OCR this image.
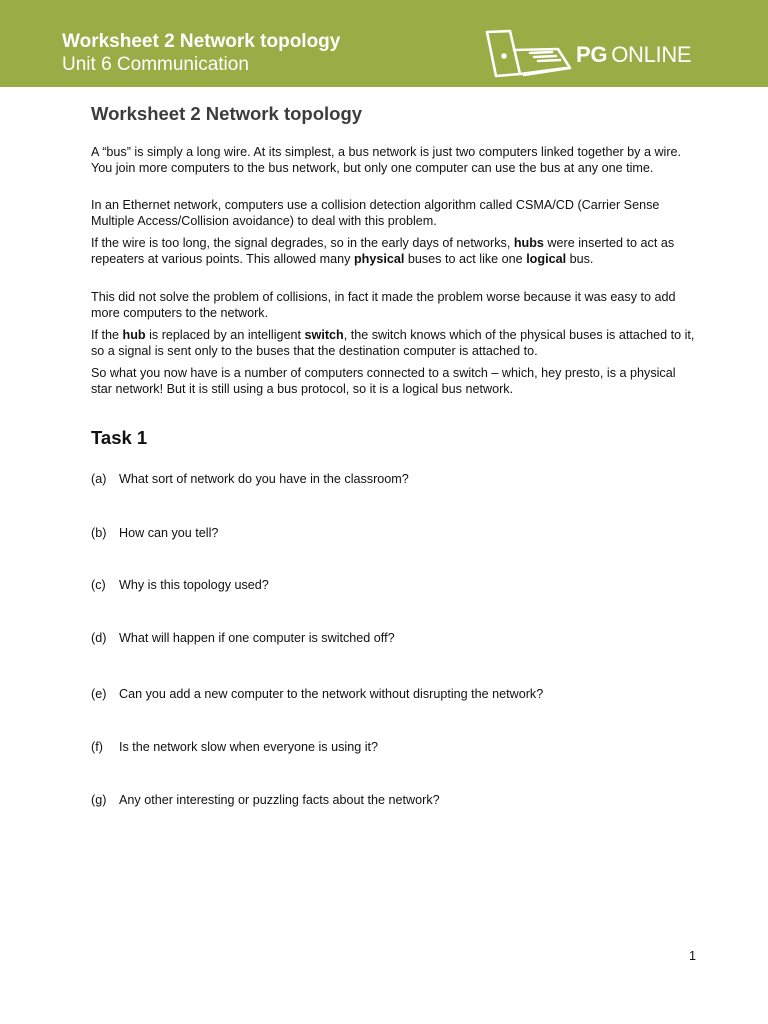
Worksheet 2 Network topology
Unit 6 Communication	PG ONLINE
Worksheet 2 Network topology

A “bus” is simply a long wire. At its simplest, a bus network is just two computers linked together by a wire. You join more computers to the bus network, but only one computer can use the bus at any one time.

In an Ethernet network, computers use a collision detection algorithm called CSMA/CD (Carrier Sense Multiple Access/Collision avoidance) to deal with this problem.

If the wire is too long, the signal degrades, so in the early days of networks, hubs were inserted to act as repeaters at various points. This allowed many physical buses to act like one logical bus.

This did not solve the problem of collisions, in fact it made the problem worse because it was easy to add more computers to the network.

If the hub is replaced by an intelligent switch, the switch knows which of the physical buses is attached to it, so a signal is sent only to the buses that the destination computer is attached to.

So what you now have is a number of computers connected to a switch – which, hey presto, is a physical star network! But it is still using a bus protocol, so it is a logical bus network.

Task 1
(a) What sort of network do you have in the classroom?
(b) How can you tell?
(c) Why is this topology used?
(d) What will happen if one computer is switched off?
(e) Can you add a new computer to the network without disrupting the network?
(f) Is the network slow when everyone is using it?
(g) Any other interesting or puzzling facts about the network?
1
